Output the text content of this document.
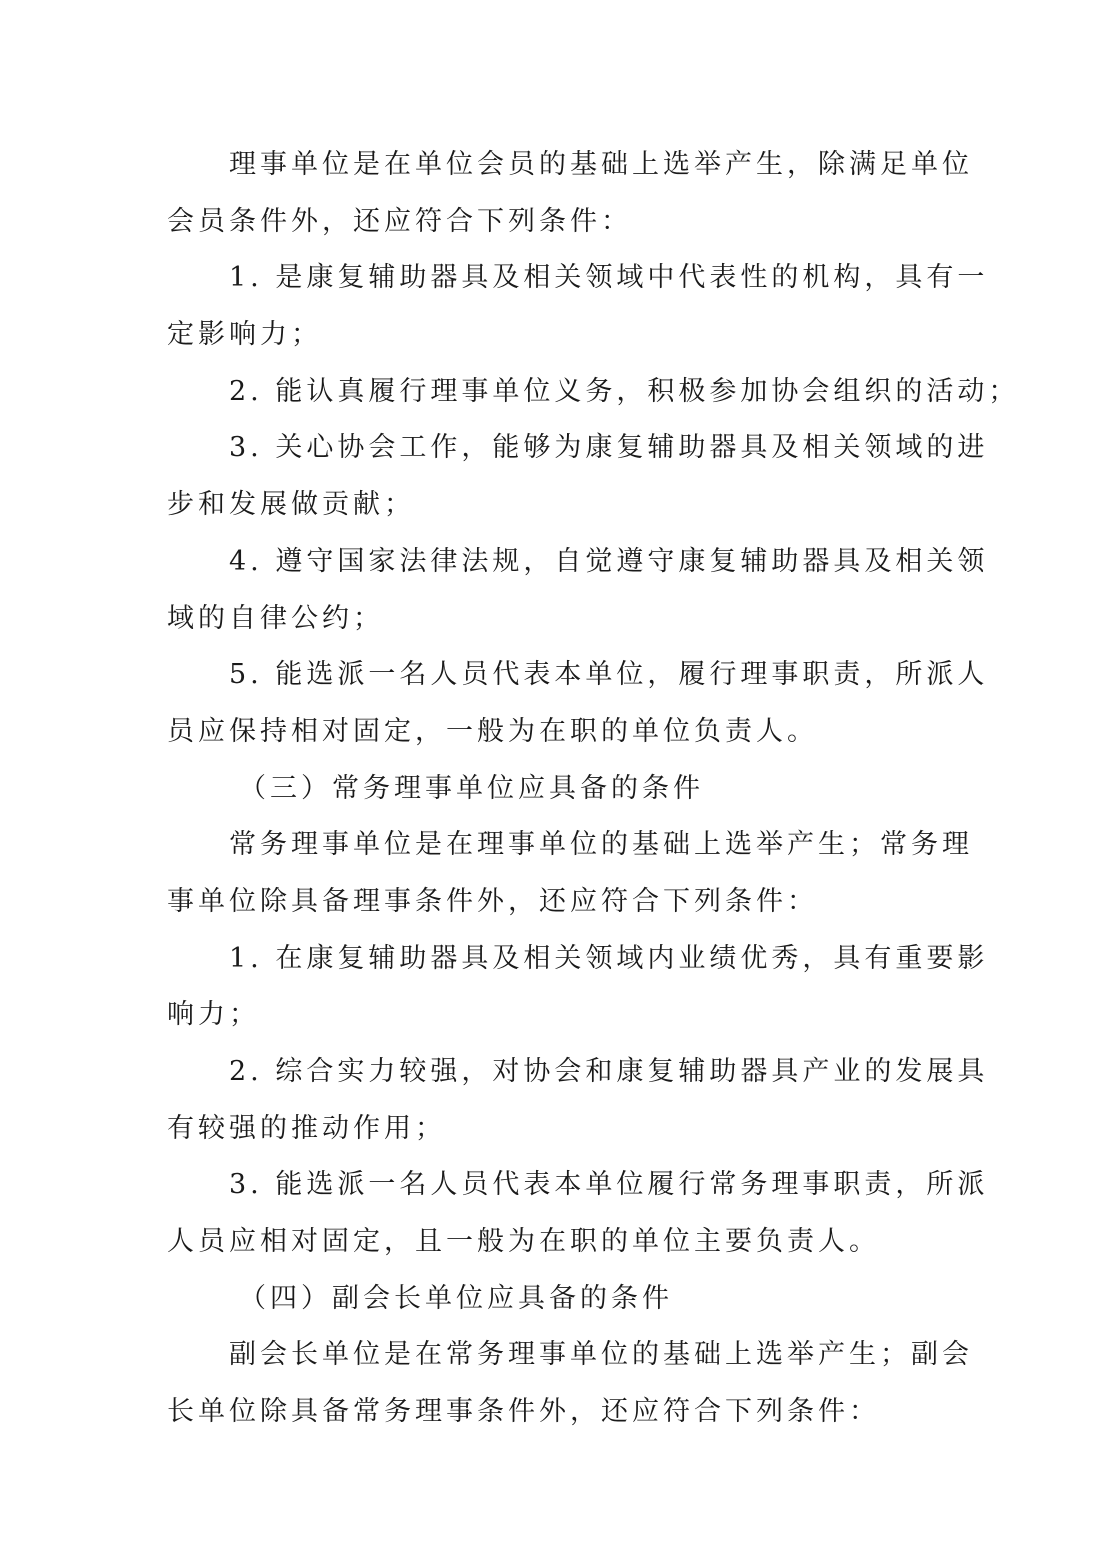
理事单位是在单位会员的基础上选举产生，除满足单位
会员条件外，还应符合下列条件：
1. 是康复辅助器具及相关领域中代表性的机构，具有一
定影响力；
2. 能认真履行理事单位义务，积极参加协会组织的活动；
3. 关心协会工作，能够为康复辅助器具及相关领域的进
步和发展做贡献；
4. 遵守国家法律法规，自觉遵守康复辅助器具及相关领
域的自律公约；
5. 能选派一名人员代表本单位，履行理事职责，所派人
员应保持相对固定，一般为在职的单位负责人。
（三）常务理事单位应具备的条件
常务理事单位是在理事单位的基础上选举产生；常务理
事单位除具备理事条件外，还应符合下列条件：
1. 在康复辅助器具及相关领域内业绩优秀，具有重要影
响力；
2. 综合实力较强，对协会和康复辅助器具产业的发展具
有较强的推动作用；
3. 能选派一名人员代表本单位履行常务理事职责，所派
人员应相对固定，且一般为在职的单位主要负责人。
（四）副会长单位应具备的条件
副会长单位是在常务理事单位的基础上选举产生；副会
长单位除具备常务理事条件外，还应符合下列条件：
